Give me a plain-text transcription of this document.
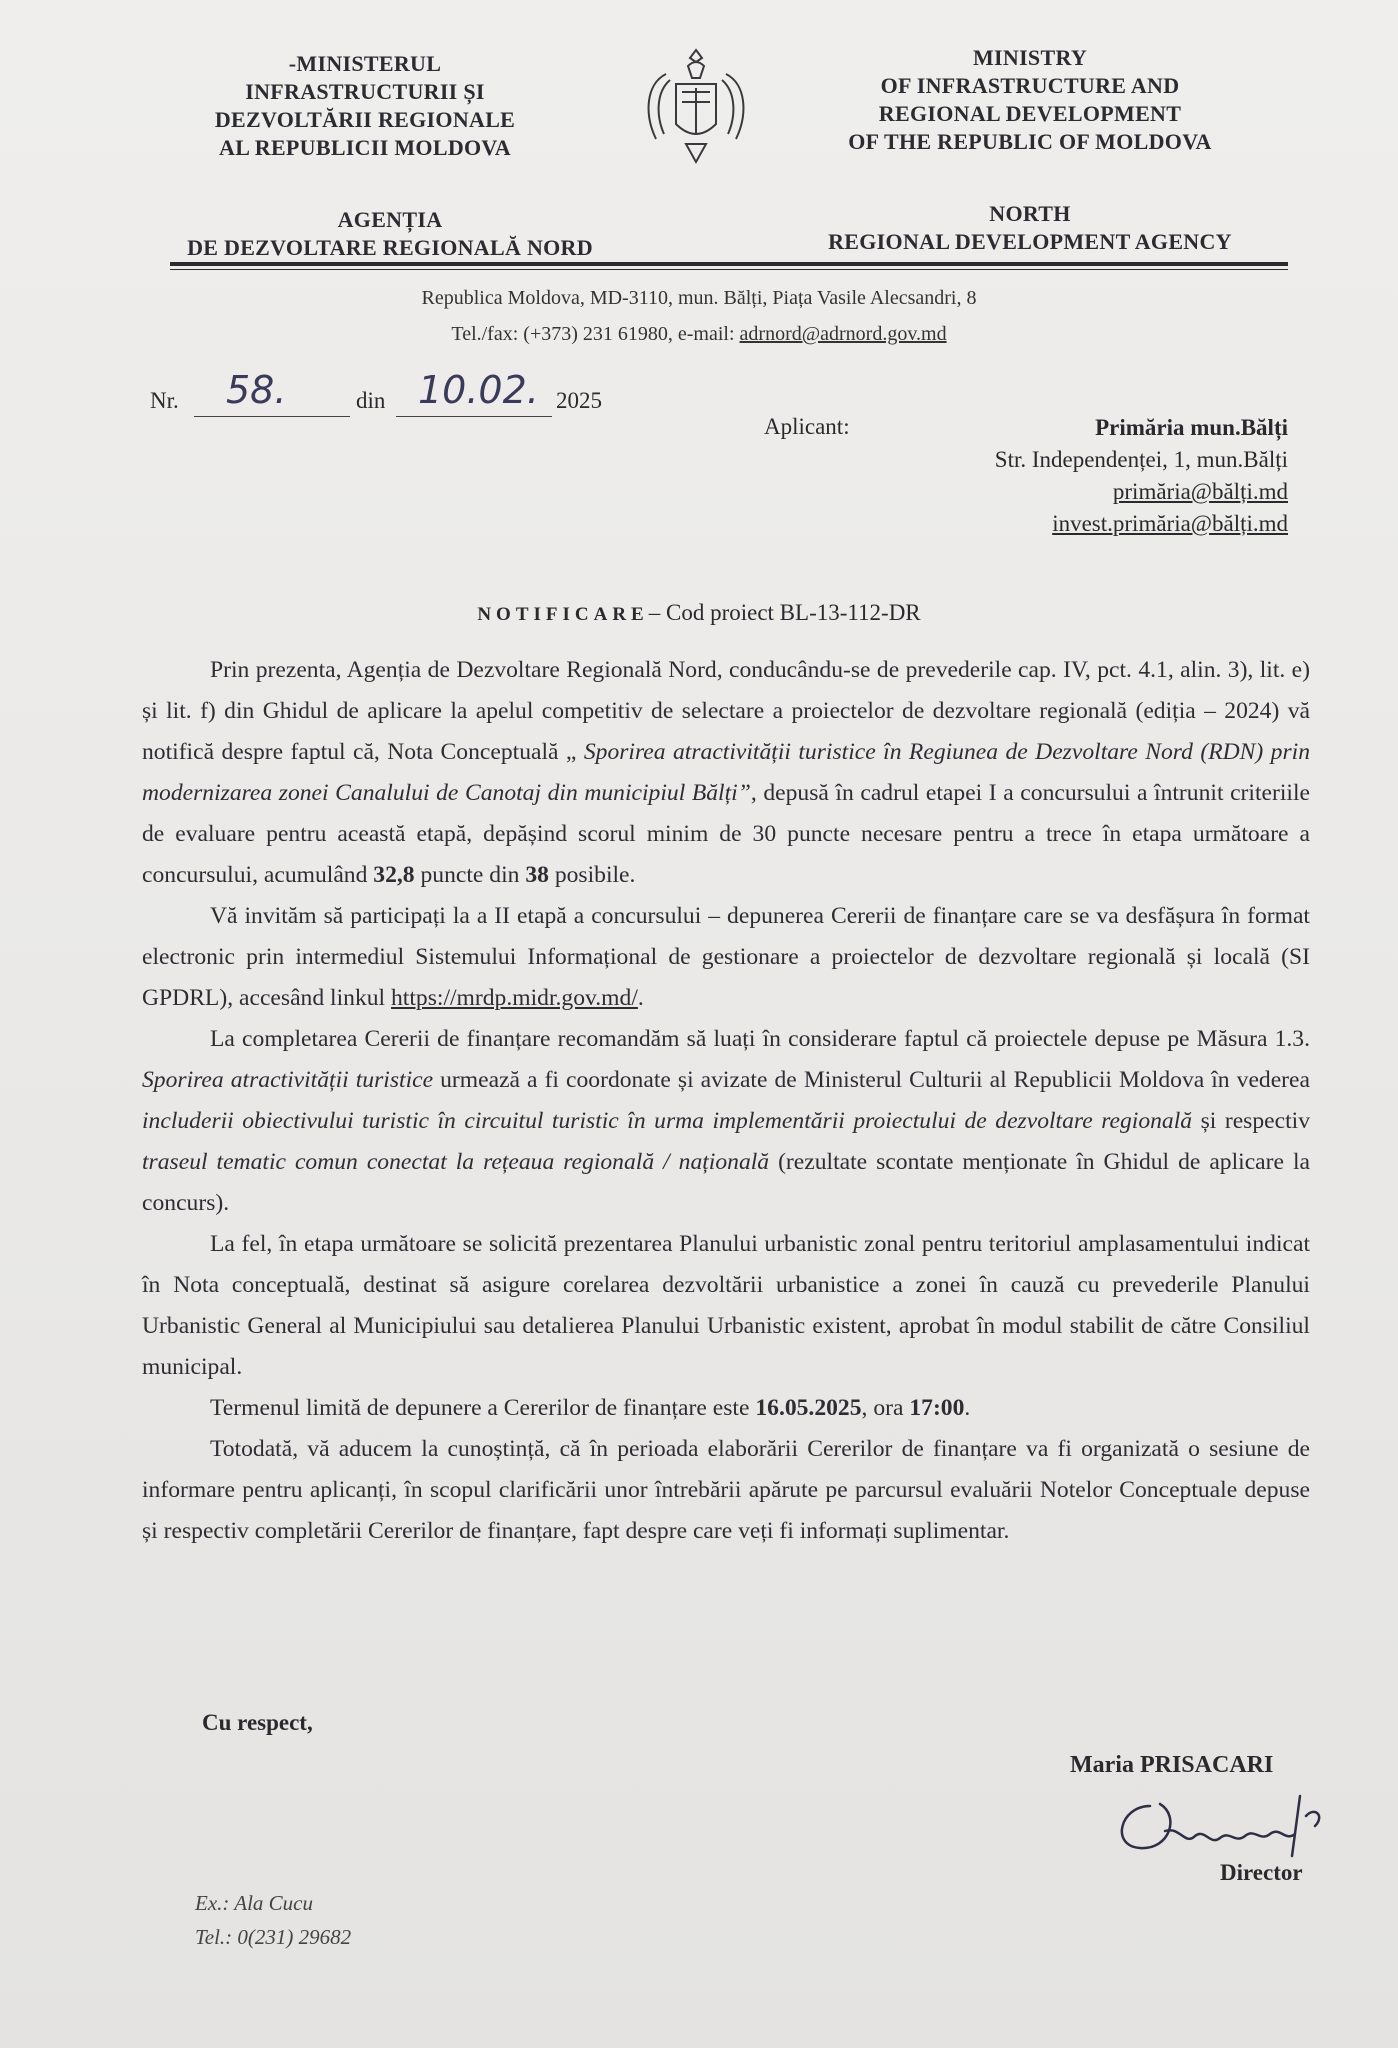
-MINISTERUL
INFRASTRUCTURII ȘI
DEZVOLTĂRII REGIONALE
AL REPUBLICII MOLDOVA
MINISTRY
OF INFRASTRUCTURE AND
REGIONAL DEVELOPMENT
OF THE REPUBLIC OF MOLDOVA
AGENȚIA
DE DEZVOLTARE REGIONALĂ NORD
NORTH
REGIONAL DEVELOPMENT AGENCY
Republica Moldova, MD-3110, mun. Bălți, Piața Vasile Alecsandri, 8
Tel./fax: (+373) 231 61980, e-mail: adrnord@adrnord.gov.md
Nr. 58.	din 10.02. 2025
Aplicant:	Primăria mun.Bălți
Str. Independenței, 1, mun.Bălți
primăria@bălți.md
invest.primăria@bălți.md
NOTIFICARE– Cod proiect BL-13-112-DR

Prin prezenta, Agenția de Dezvoltare Regională Nord, conducându-se de prevederile cap. IV, pct. 4.1, alin. 3), lit. e) și lit. f) din Ghidul de aplicare la apelul competitiv de selectare a proiectelor de dezvoltare regională (ediția – 2024) vă notifică despre faptul că, Nota Conceptuală „ Sporirea atractivității turistice în Regiunea de Dezvoltare Nord (RDN) prin modernizarea zonei Canalului de Canotaj din municipiul Bălți”, depusă în cadrul etapei I a concursului a întrunit criteriile de evaluare pentru această etapă, depășind scorul minim de 30 puncte necesare pentru a trece în etapa următoare a concursului, acumulând 32,8 puncte din 38 posibile.

Vă invităm să participați la a II etapă a concursului – depunerea Cererii de finanțare care se va desfășura în format electronic prin intermediul Sistemului Informațional de gestionare a proiectelor de dezvoltare regională și locală (SI GPDRL), accesând linkul https://mrdp.midr.gov.md/.

La completarea Cererii de finanțare recomandăm să luați în considerare faptul că proiectele depuse pe Măsura 1.3. Sporirea atractivității turistice urmează a fi coordonate și avizate de Ministerul Culturii al Republicii Moldova în vederea includerii obiectivului turistic în circuitul turistic în urma implementării proiectului de dezvoltare regională și respectiv traseul tematic comun conectat la rețeaua regională / națională (rezultate scontate menționate în Ghidul de aplicare la concurs).

La fel, în etapa următoare se solicită prezentarea Planului urbanistic zonal pentru teritoriul amplasamentului indicat în Nota conceptuală, destinat să asigure corelarea dezvoltării urbanistice a zonei în cauză cu prevederile Planului Urbanistic General al Municipiului sau detalierea Planului Urbanistic existent, aprobat în modul stabilit de către Consiliul municipal.

Termenul limită de depunere a Cererilor de finanțare este 16.05.2025, ora 17:00.

Totodată, vă aducem la cunoștință, că în perioada elaborării Cererilor de finanțare va fi organizată o sesiune de informare pentru aplicanți, în scopul clarificării unor întrebării apărute pe parcursul evaluării Notelor Conceptuale depuse și respectiv completării Cererilor de finanțare, fapt despre care veți fi informați suplimentar.

Cu respect,
Maria PRISACARI
Director
Ex.: Ala Cucu
Tel.: 0(231) 29682
